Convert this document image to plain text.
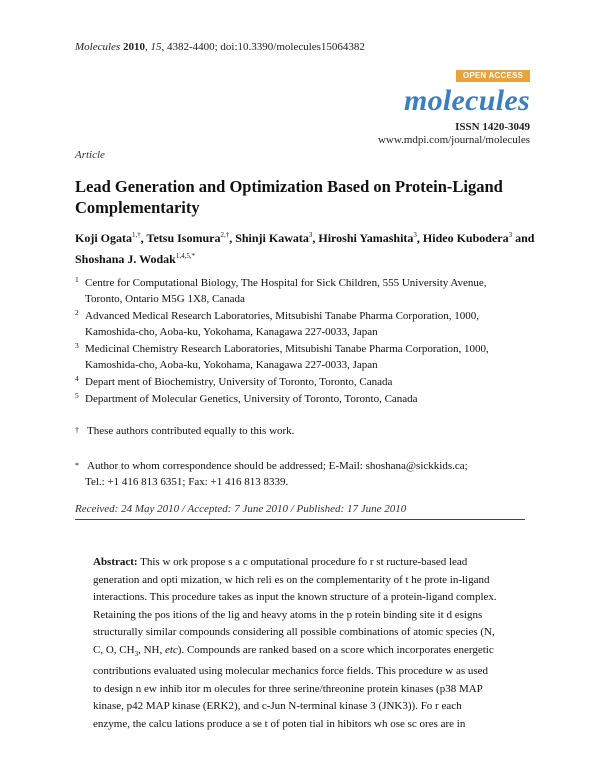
Molecules 2010, 15, 4382-4400; doi:10.3390/molecules15064382
OPEN ACCESS
molecules
ISSN 1420-3049
www.mdpi.com/journal/molecules
Article
Lead Generation and Optimization Based on Protein-Ligand
Complementarity
Koji Ogata$^{1,\dagger}$, Tetsu Isomura$^{2,\dagger}$, Shinji Kawata$^3$, Hiroshi Yamashita$^3$, Hideo Kubodera$^3$ and
Shoshana J. Wodak$^{1,4,5,*}$
1 Centre for Computational Biology, The Hospital for Sick Children, 555 University Avenue,
Toronto, Ontario M5G 1X8, Canada
2 Advanced Medical Research Laboratories, Mitsubishi Tanabe Pharma Corporation, 1000,
Kamoshida-cho, Aoba-ku, Yokohama, Kanagawa 227-0033, Japan
3 Medicinal Chemistry Research Laboratories, Mitsubishi Tanabe Pharma Corporation, 1000,
Kamoshida-cho, Aoba-ku, Yokohama, Kanagawa 227-0033, Japan
4 Depart ment of Biochemistry, University of Toronto, Toronto, Canada
5 Department of Molecular Genetics, University of Toronto, Toronto, Canada
† These authors contributed equally to this work.
* Author to whom correspondence should be addressed; E-Mail: shoshana@sickkids.ca;
Tel.: +1 416 813 6351; Fax: +1 416 813 8339.
Received: 24 May 2010 / Accepted: 7 June 2010 / Published: 17 June 2010
Abstract: This w ork propose s a c omputational procedure fo r st ructure-based lead
generation and opti mization, w hich reli es on the complementarity of t he prote in-ligand
interactions. This procedure takes as input the known structure of a protein-ligand complex.
Retaining the pos itions of the lig and heavy atoms in the p rotein binding site it d esigns
structurally similar compounds considering all possible combinations of atomic species (N,
C, O, $CH_3$, NH, etc). Compounds are ranked based on a score which incorporates energetic
contributions evaluated using molecular mechanics force fields. This procedure w as used
to design n ew inhib itor m olecules for three serine/threonine protein kinases (p38 MAP
kinase, p42 MAP kinase (ERK2), and c-Jun N-terminal kinase 3 (JNK3)). Fo r each
enzyme, the calcu lations produce a se t of poten tial in hibitors wh ose sc ores are in
